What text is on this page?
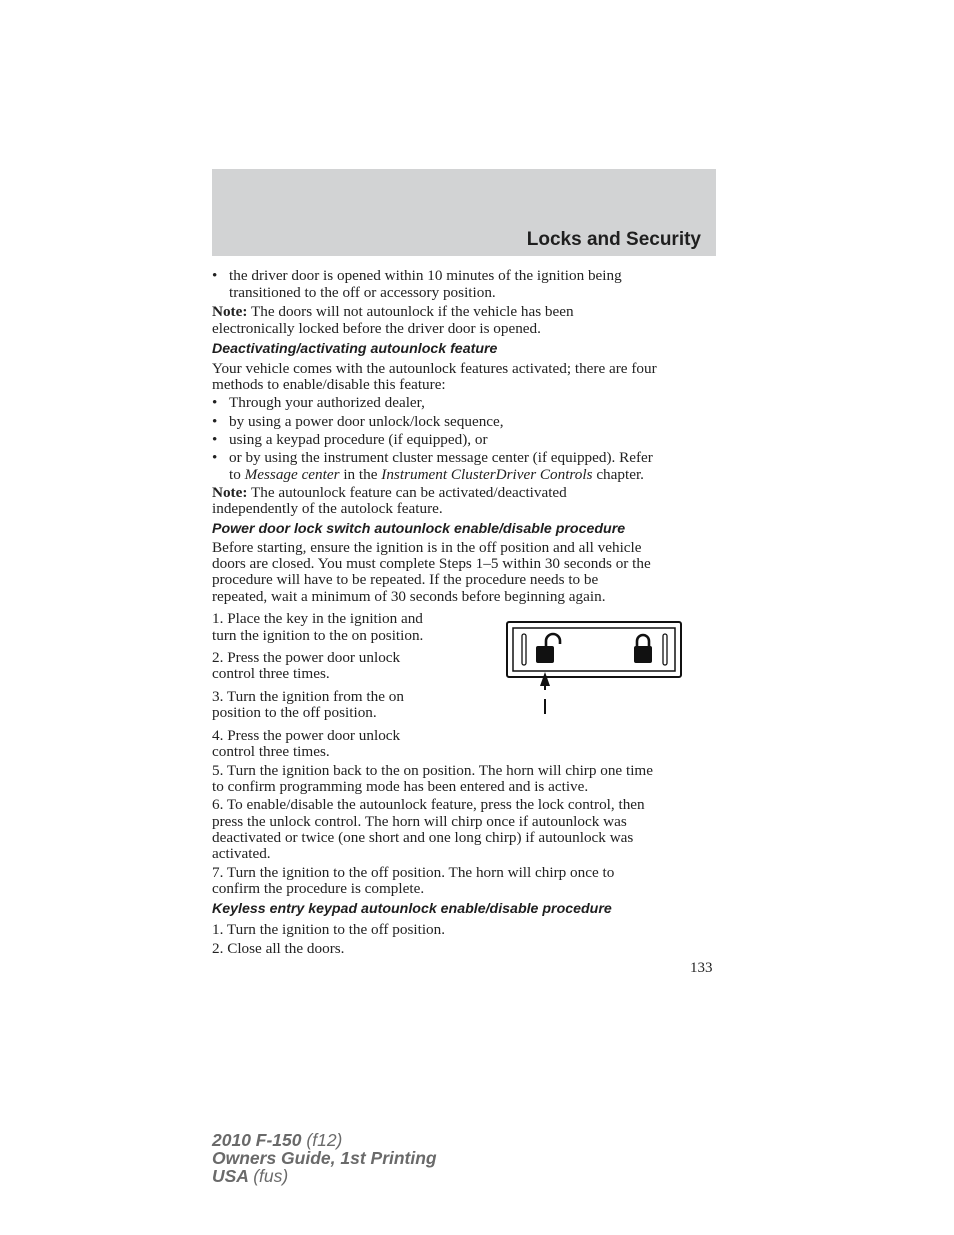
Locks and Security
• the driver door is opened within 10 minutes of the ignition being
transitioned to the off or accessory position.
Note: The doors will not autounlock if the vehicle has been
electronically locked before the driver door is opened.
Deactivating/activating autounlock feature
Your vehicle comes with the autounlock features activated; there are four
methods to enable/disable this feature:
• Through your authorized dealer,
• by using a power door unlock/lock sequence,
• using a keypad procedure (if equipped), or
• or by using the instrument cluster message center (if equipped). Refer
to Message center in the Instrument ClusterDriver Controls chapter.
Note: The autounlock feature can be activated/deactivated
independently of the autolock feature.
Power door lock switch autounlock enable/disable procedure
Before starting, ensure the ignition is in the off position and all vehicle
doors are closed. You must complete Steps 1–5 within 30 seconds or the
procedure will have to be repeated. If the procedure needs to be
repeated, wait a minimum of 30 seconds before beginning again.
1. Place the key in the ignition and
turn the ignition to the on position.
2. Press the power door unlock
control three times.
3. Turn the ignition from the on
position to the off position.
4. Press the power door unlock
control three times.
5. Turn the ignition back to the on position. The horn will chirp one time
to confirm programming mode has been entered and is active.
6. To enable/disable the autounlock feature, press the lock control, then
press the unlock control. The horn will chirp once if autounlock was
deactivated or twice (one short and one long chirp) if autounlock was
activated.
7. Turn the ignition to the off position. The horn will chirp once to
confirm the procedure is complete.
Keyless entry keypad autounlock enable/disable procedure
1. Turn the ignition to the off position.
2. Close all the doors.
133
2010 F-150 (f12)
Owners Guide, 1st Printing
USA (fus)
